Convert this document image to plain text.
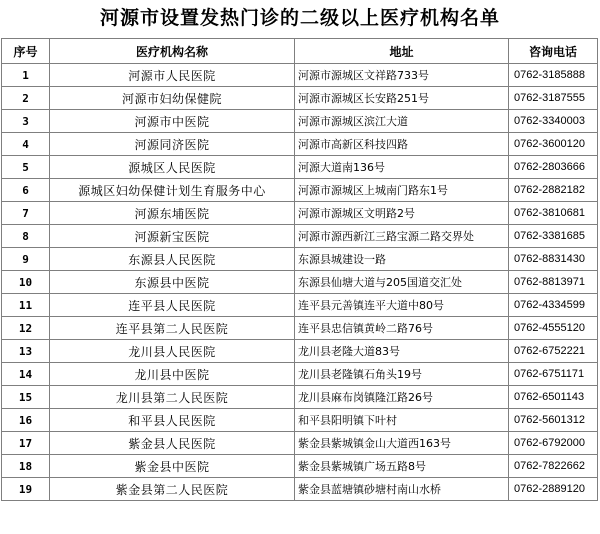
河源市设置发热门诊的二级以上医疗机构名单
序号	医疗机构名称	地址	咨询电话
1	河源市人民医院	河源市源城区文祥路733号	0762-3185888
2	河源市妇幼保健院	河源市源城区长安路251号	0762-3187555
3	河源市中医院	河源市源城区滨江大道	0762-3340003
4	河源同济医院	河源市高新区科技四路	0762-3600120
5	源城区人民医院	河源大道南136号	0762-2803666
6	源城区妇幼保健计划生育服务中心	河源市源城区上城南门路东1号	0762-2882182
7	河源东埔医院	河源市源城区文明路2号	0762-3810681
8	河源新宝医院	河源市源西新江三路宝源二路交界处	0762-3381685
9	东源县人民医院	东源县城建设一路	0762-8831430
10	东源县中医院	东源县仙塘大道与205国道交汇处	0762-8813971
11	连平县人民医院	连平县元善镇连平大道中80号	0762-4334599
12	连平县第二人民医院	连平县忠信镇黄岭二路76号	0762-4555120
13	龙川县人民医院	龙川县老隆大道83号	0762-6752221
14	龙川县中医院	龙川县老隆镇石角头19号	0762-6751171
15	龙川县第二人民医院	龙川县麻布岗镇隆江路26号	0762-6501143
16	和平县人民医院	和平县阳明镇下叶村	0762-5601312
17	紫金县人民医院	紫金县紫城镇金山大道西163号	0762-6792000
18	紫金县中医院	紫金县紫城镇广场五路8号	0762-7822662
19	紫金县第二人民医院	紫金县蓝塘镇砂塘村南山水桥	0762-2889120
